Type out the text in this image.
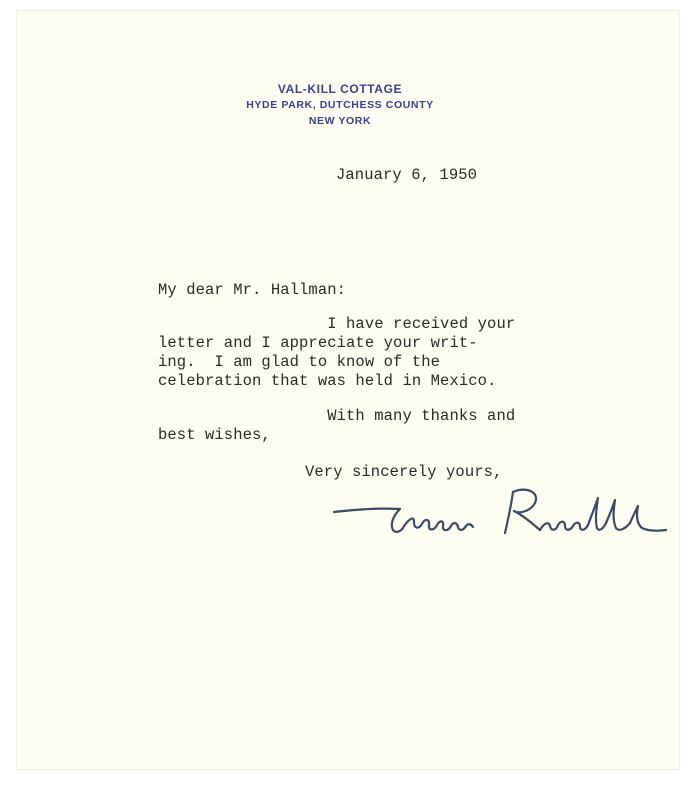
VAL-KILL COTTAGE
HYDE PARK, DUTCHESS COUNTY
NEW YORK
January 6, 1950
My dear Mr. Hallman:
I have received your
letter and I appreciate your writ-
ing.  I am glad to know of the
celebration that was held in Mexico.
With many thanks and
best wishes,
Very sincerely yours,
